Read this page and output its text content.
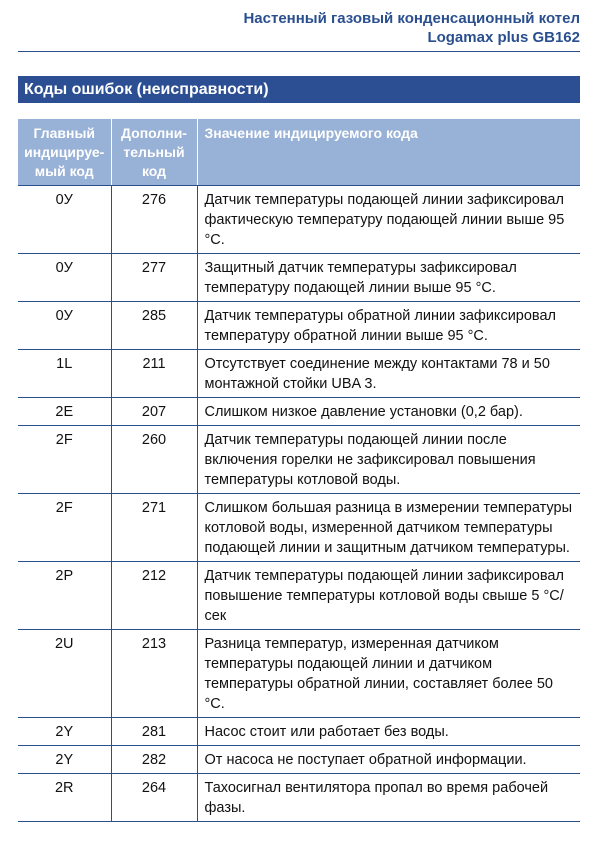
Настенный газовый конденсационный котел
Logamax plus GB162
Коды ошибок (неисправности)
Главный индицируе-мый код	Дополни-тельный код	Значение индицируемого кода
0У	276	Датчик температуры подающей линии зафиксировал фактическую температуру подающей линии выше 95 °C.
0У	277	Защитный датчик температуры зафиксировал температуру подающей линии выше 95 °C.
0У	285	Датчик температуры обратной линии зафиксировал температуру обратной линии выше 95 °C.
1L	211	Отсутствует соединение между контактами 78 и 50 монтажной стойки UBA 3.
2E	207	Слишком низкое давление установки (0,2 бар).
2F	260	Датчик температуры подающей линии после включения горелки не зафиксировал повышения температуры котловой воды.
2F	271	Слишком большая разница в измерении температуры котловой воды, измеренной датчиком температуры подающей линии и защитным датчиком температуры.
2P	212	Датчик температуры подающей линии зафиксировал повышение температуры котловой воды свыше 5 °C/сек
2U	213	Разница температур, измеренная датчиком температуры подающей линии и датчиком температуры обратной линии, составляет более 50 °C.
2Y	281	Насос стоит или работает без воды.
2Y	282	От насоса не поступает обратной информации.
2R	264	Тахосигнал вентилятора пропал во время рабочей фазы.
